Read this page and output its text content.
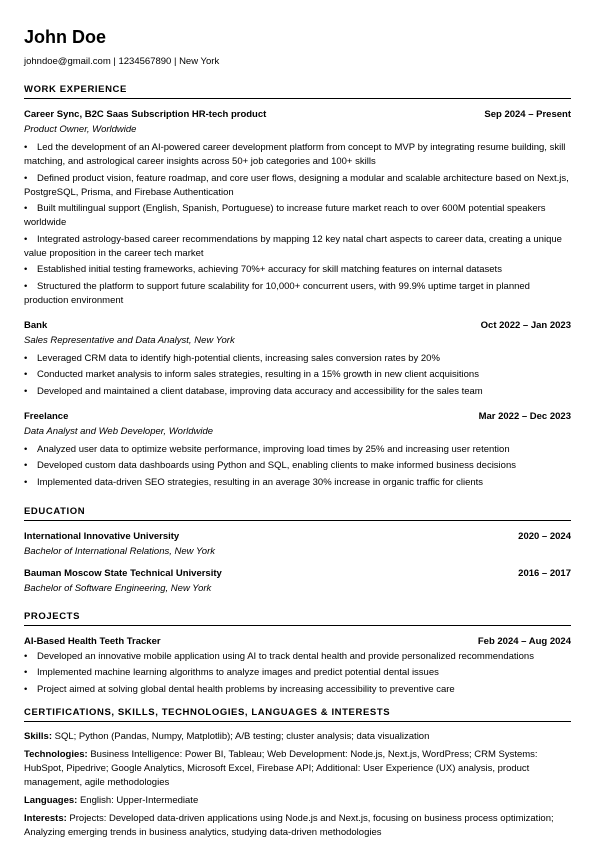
John Doe
johndoe@gmail.com | 1234567890 | New York
WORK EXPERIENCE
Career Sync, B2C Saas Subscription HR-tech product	Sep 2024 – Present
Product Owner, Worldwide
• Led the development of an AI-powered career development platform from concept to MVP by integrating resume building, skill matching, and astrological career insights across 50+ job categories and 100+ skills
• Defined product vision, feature roadmap, and core user flows, designing a modular and scalable architecture based on Next.js, PostgreSQL, Prisma, and Firebase Authentication
• Built multilingual support (English, Spanish, Portuguese) to increase future market reach to over 600M potential speakers worldwide
• Integrated astrology-based career recommendations by mapping 12 key natal chart aspects to career data, creating a unique value proposition in the career tech market
• Established initial testing frameworks, achieving 70%+ accuracy for skill matching features on internal datasets
• Structured the platform to support future scalability for 10,000+ concurrent users, with 99.9% uptime target in planned production environment
Bank	Oct 2022 – Jan 2023
Sales Representative and Data Analyst, New York
• Leveraged CRM data to identify high-potential clients, increasing sales conversion rates by 20%
• Conducted market analysis to inform sales strategies, resulting in a 15% growth in new client acquisitions
• Developed and maintained a client database, improving data accuracy and accessibility for the sales team
Freelance	Mar 2022 – Dec 2023
Data Analyst and Web Developer, Worldwide
• Analyzed user data to optimize website performance, improving load times by 25% and increasing user retention
• Developed custom data dashboards using Python and SQL, enabling clients to make informed business decisions
• Implemented data-driven SEO strategies, resulting in an average 30% increase in organic traffic for clients
EDUCATION
International Innovative University	2020 – 2024
Bachelor of International Relations, New York
Bauman Moscow State Technical University	2016 – 2017
Bachelor of Software Engineering, New York
PROJECTS
AI-Based Health Teeth Tracker	Feb 2024 – Aug 2024
• Developed an innovative mobile application using AI to track dental health and provide personalized recommendations
• Implemented machine learning algorithms to analyze images and predict potential dental issues
• Project aimed at solving global dental health problems by increasing accessibility to preventive care
CERTIFICATIONS, SKILLS, TECHNOLOGIES, LANGUAGES & INTERESTS
Skills: SQL; Python (Pandas, Numpy, Matplotlib); A/B testing; cluster analysis; data visualization
Technologies: Business Intelligence: Power BI, Tableau; Web Development: Node.js, Next.js, WordPress; CRM Systems: HubSpot, Pipedrive; Google Analytics, Microsoft Excel, Firebase API; Additional: User Experience (UX) analysis, product management, agile methodologies
Languages: English: Upper-Intermediate
Interests: Projects: Developed data-driven applications using Node.js and Next.js, focusing on business process optimization; Analyzing emerging trends in business analytics, studying data-driven methodologies
